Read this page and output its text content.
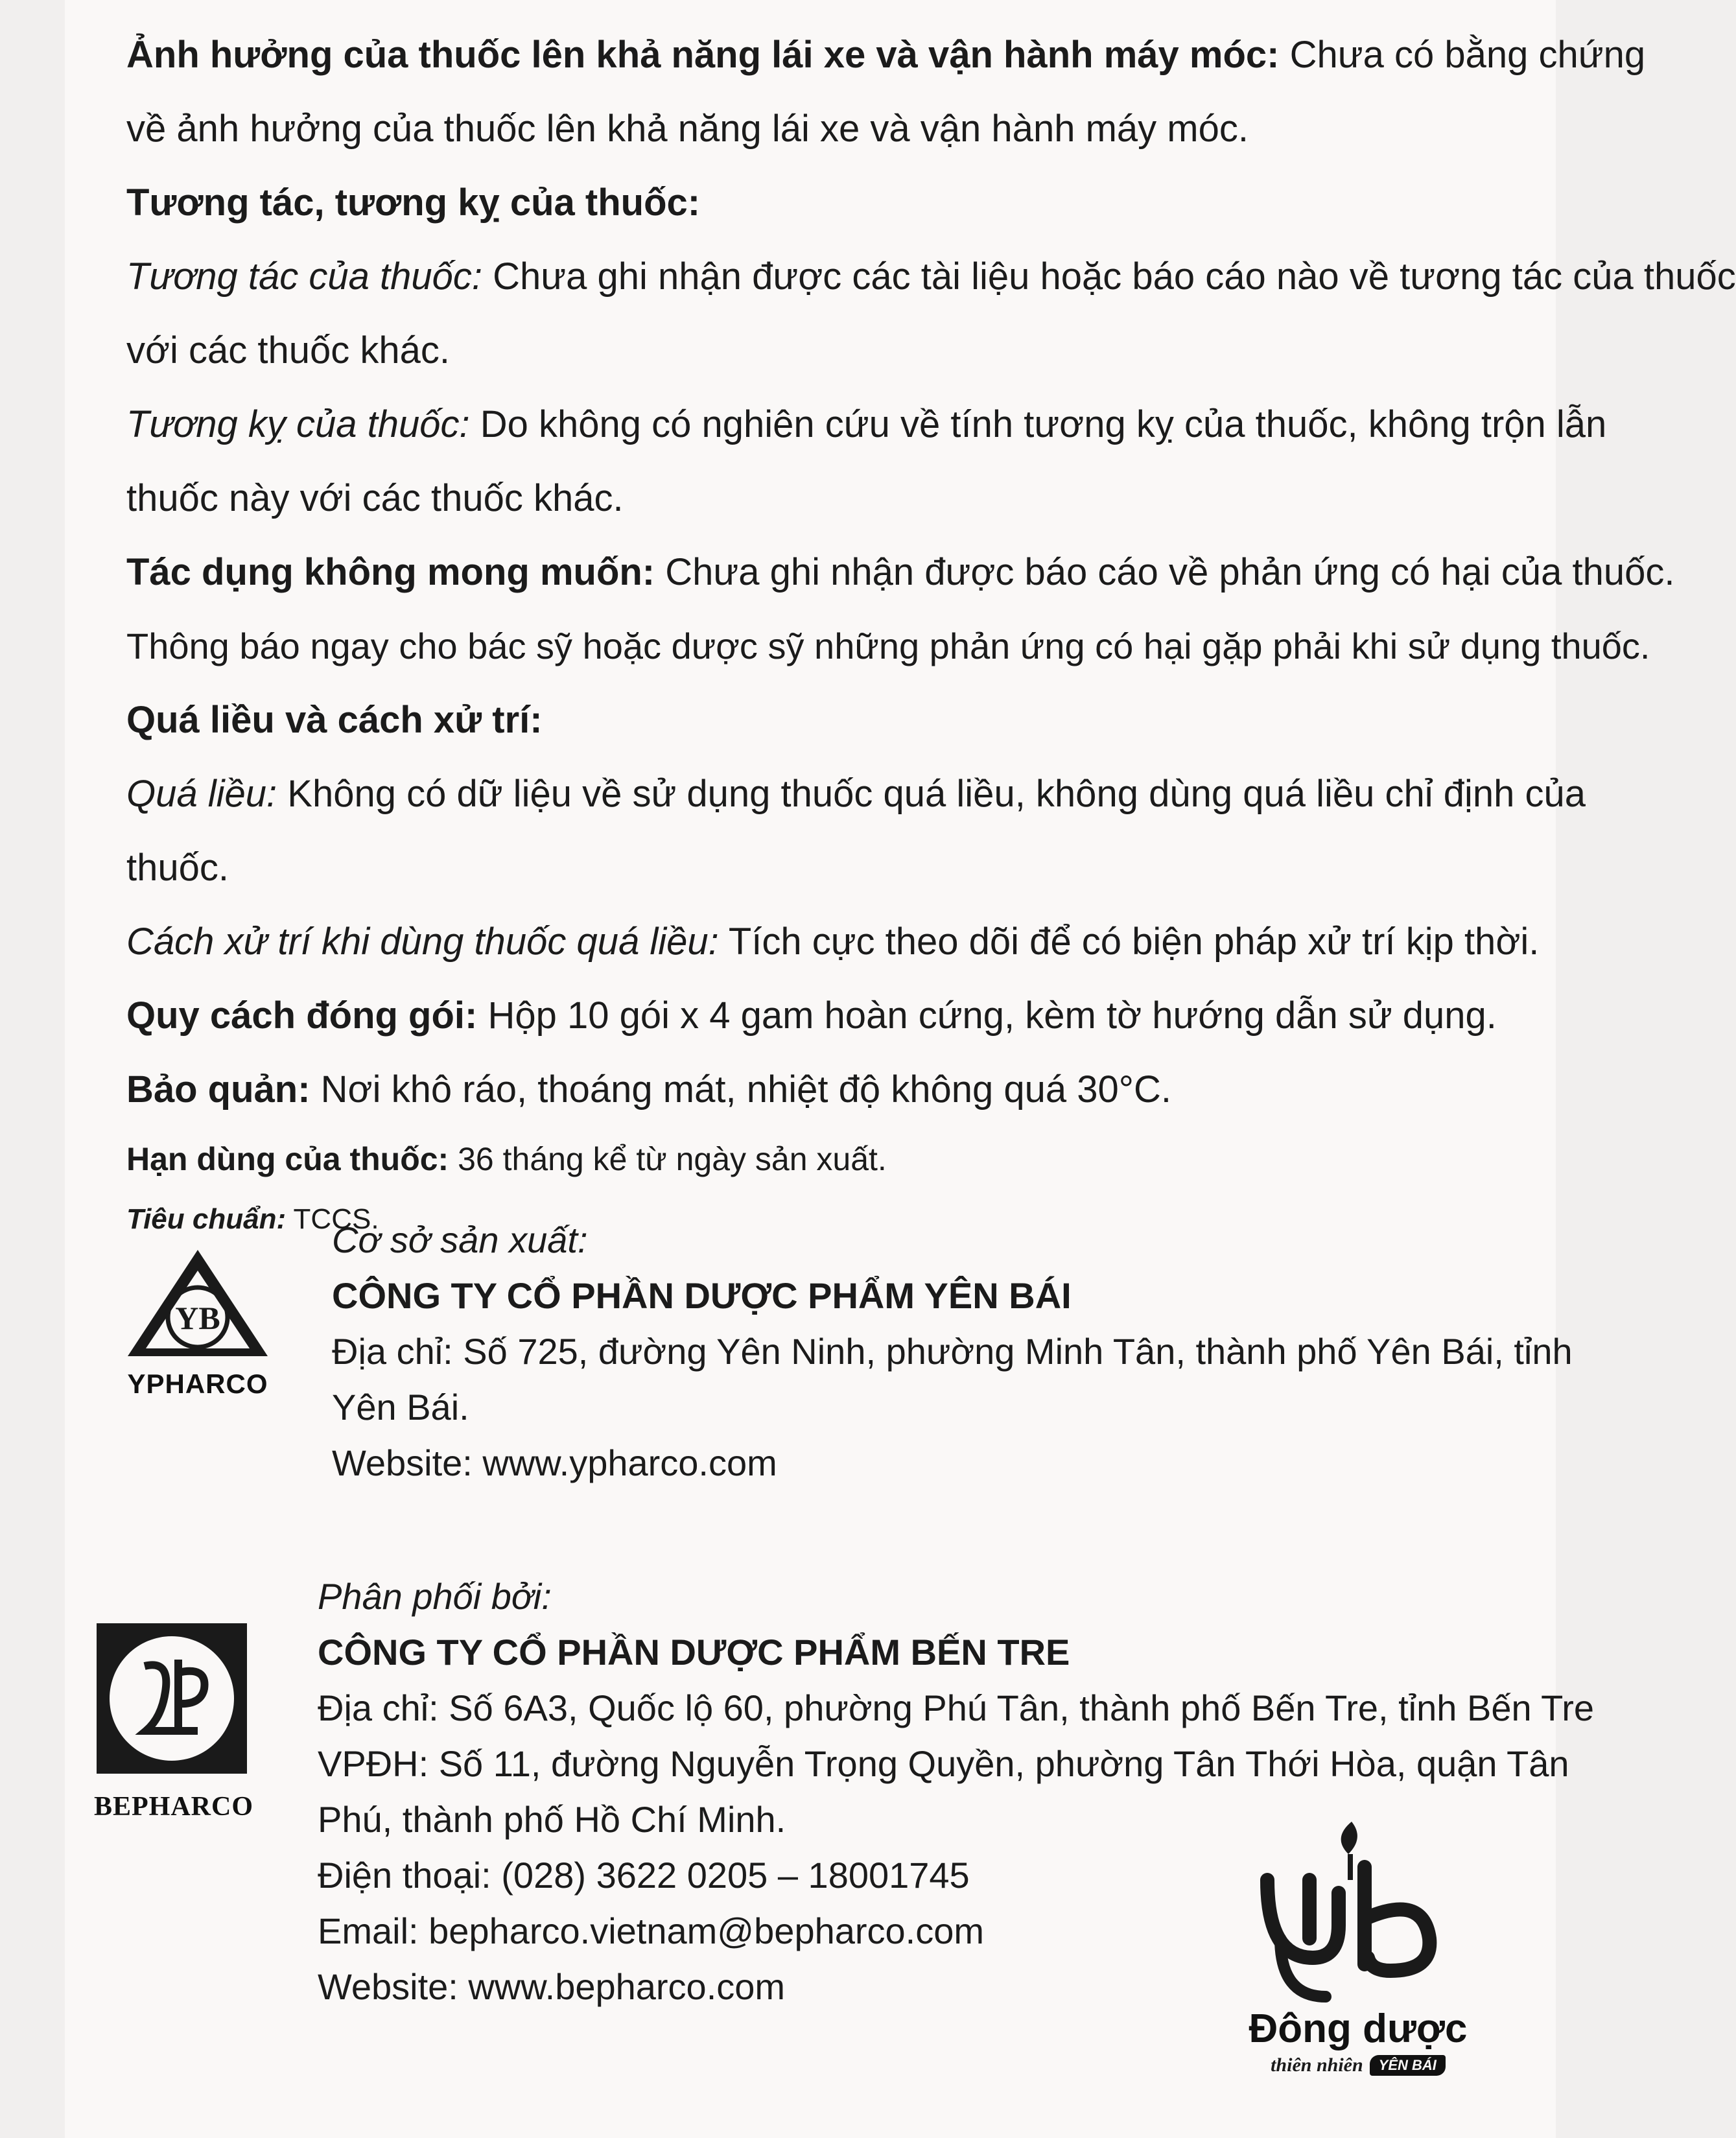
Ảnh hưởng của thuốc lên khả năng lái xe và vận hành máy móc: Chưa có bằng chứng

về ảnh hưởng của thuốc lên khả năng lái xe và vận hành máy móc.

Tương tác, tương kỵ của thuốc:

Tương tác của thuốc: Chưa ghi nhận được các tài liệu hoặc báo cáo nào về tương tác của thuốc

với các thuốc khác.

Tương kỵ của thuốc: Do không có nghiên cứu về tính tương kỵ của thuốc, không trộn lẫn

thuốc này với các thuốc khác.

Tác dụng không mong muốn: Chưa ghi nhận được báo cáo về phản ứng có hại của thuốc.

Thông báo ngay cho bác sỹ hoặc dược sỹ những phản ứng có hại gặp phải khi sử dụng thuốc.

Quá liều và cách xử trí:

Quá liều: Không có dữ liệu về sử dụng thuốc quá liều, không dùng quá liều chỉ định của

thuốc.

Cách xử trí khi dùng thuốc quá liều: Tích cực theo dõi để có biện pháp xử trí kịp thời.

Quy cách đóng gói: Hộp 10 gói x 4 gam hoàn cứng, kèm tờ hướng dẫn sử dụng.

Bảo quản: Nơi khô ráo, thoáng mát, nhiệt độ không quá 30°C.

Hạn dùng của thuốc: 36 tháng kể từ ngày sản xuất.

Tiêu chuẩn: TCCS.

YB
YPHARCO

Cơ sở sản xuất:

CÔNG TY CỔ PHẦN DƯỢC PHẨM YÊN BÁI

Địa chỉ: Số 725, đường Yên Ninh, phường Minh Tân, thành phố Yên Bái, tỉnh

Yên Bái.

Website: www.ypharco.com

BEPHARCO

Phân phối bởi:

CÔNG TY CỔ PHẦN DƯỢC PHẨM BẾN TRE

Địa chỉ: Số 6A3, Quốc lộ 60, phường Phú Tân, thành phố Bến Tre, tỉnh Bến Tre

VPĐH: Số 11, đường Nguyễn Trọng Quyền, phường Tân Thới Hòa, quận Tân

Phú, thành phố Hồ Chí Minh.

Điện thoại: (028) 3622 0205 – 18001745

Email: bepharco.vietnam@bepharco.com

Website: www.bepharco.com

Đông dược
thiên nhiên	YÊN BÁI
